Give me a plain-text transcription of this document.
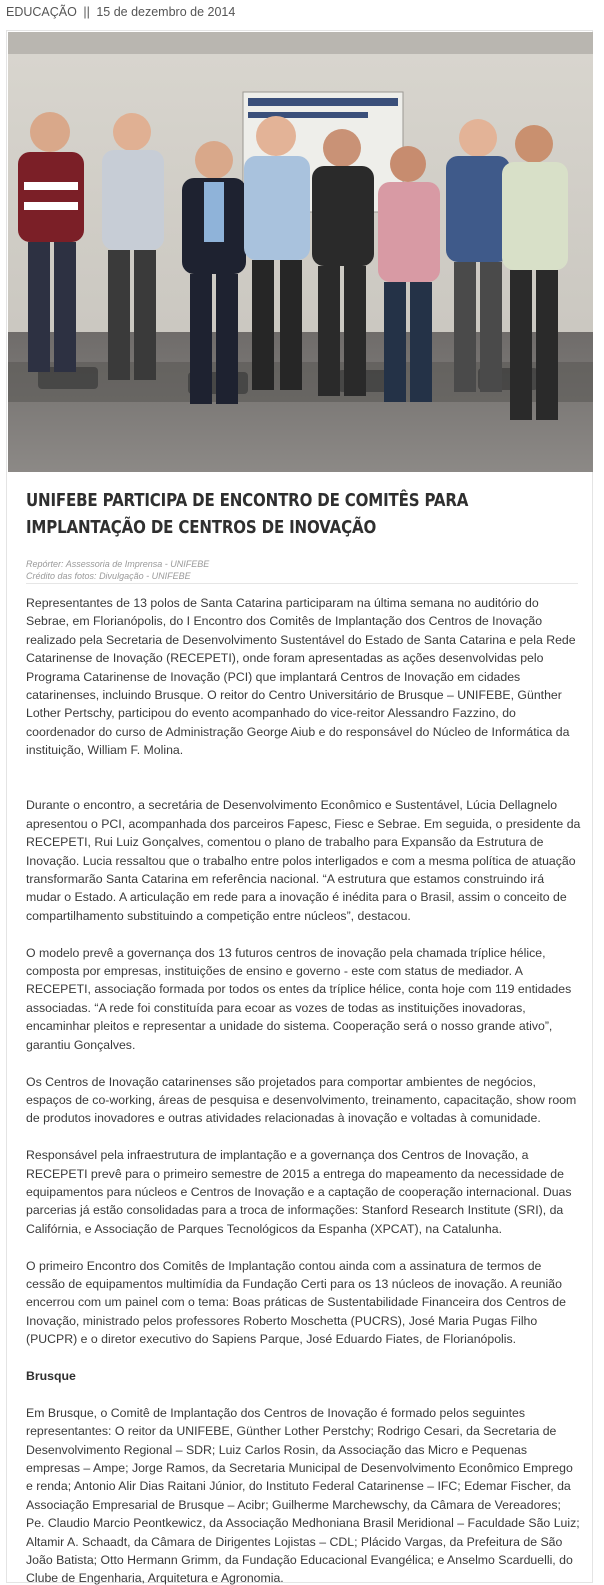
EDUCAÇÃO || 15 de dezembro de 2014
UNIFEBE PARTICIPA DE ENCONTRO DE COMITÊS PARA IMPLANTAÇÃO DE CENTROS DE INOVAÇÃO
Repórter: Assessoria de Imprensa - UNIFEBE
Crédito das fotos: Divulgação - UNIFEBE

Representantes de 13 polos de Santa Catarina participaram na última semana no auditório do Sebrae, em Florianópolis, do I Encontro dos Comitês de Implantação dos Centros de Inovação realizado pela Secretaria de Desenvolvimento Sustentável do Estado de Santa Catarina e pela Rede Catarinense de Inovação (RECEPETI), onde foram apresentadas as ações desenvolvidas pelo Programa Catarinense de Inovação (PCI) que implantará Centros de Inovação em cidades catarinenses, incluindo Brusque. O reitor do Centro Universitário de Brusque – UNIFEBE, Günther Lother Pertschy, participou do evento acompanhado do vice-reitor Alessandro Fazzino, do coordenador do curso de Administração George Aiub e do responsável do Núcleo de Informática da instituição, William F. Molina.

Durante o encontro, a secretária de Desenvolvimento Econômico e Sustentável, Lúcia Dellagnelo apresentou o PCI, acompanhada dos parceiros Fapesc, Fiesc e Sebrae. Em seguida, o presidente da RECEPETI, Rui Luiz Gonçalves, comentou o plano de trabalho para Expansão da Estrutura de Inovação. Lucia ressaltou que o trabalho entre polos interligados e com a mesma política de atuação transformarão Santa Catarina em referência nacional. “A estrutura que estamos construindo irá mudar o Estado. A articulação em rede para a inovação é inédita para o Brasil, assim o conceito de compartilhamento substituindo a competição entre núcleos”, destacou.

O modelo prevê a governança dos 13 futuros centros de inovação pela chamada tríplice hélice, composta por empresas, instituições de ensino e governo - este com status de mediador. A RECEPETI, associação formada por todos os entes da tríplice hélice, conta hoje com 119 entidades associadas. “A rede foi constituída para ecoar as vozes de todas as instituições inovadoras, encaminhar pleitos e representar a unidade do sistema. Cooperação será o nosso grande ativo”, garantiu Gonçalves.

Os Centros de Inovação catarinenses são projetados para comportar ambientes de negócios, espaços de co-working, áreas de pesquisa e desenvolvimento, treinamento, capacitação, show room de produtos inovadores e outras atividades relacionadas à inovação e voltadas à comunidade.

Responsável pela infraestrutura de implantação e a governança dos Centros de Inovação, a RECEPETI prevê para o primeiro semestre de 2015 a entrega do mapeamento da necessidade de equipamentos para núcleos e Centros de Inovação e a captação de cooperação internacional. Duas parcerias já estão consolidadas para a troca de informações: Stanford Research Institute (SRI), da Califórnia, e Associação de Parques Tecnológicos da Espanha (XPCAT), na Catalunha.

O primeiro Encontro dos Comitês de Implantação contou ainda com a assinatura de termos de cessão de equipamentos multimídia da Fundação Certi para os 13 núcleos de inovação. A reunião encerrou com um painel com o tema: Boas práticas de Sustentabilidade Financeira dos Centros de Inovação, ministrado pelos professores Roberto Moschetta (PUCRS), José Maria Pugas Filho (PUCPR) e o diretor executivo do Sapiens Parque, José Eduardo Fiates, de Florianópolis.

Brusque

Em Brusque, o Comitê de Implantação dos Centros de Inovação é formado pelos seguintes representantes: O reitor da UNIFEBE, Günther Lother Perstchy; Rodrigo Cesari, da Secretaria de Desenvolvimento Regional – SDR; Luiz Carlos Rosin, da Associação das Micro e Pequenas empresas – Ampe; Jorge Ramos, da Secretaria Municipal de Desenvolvimento Econômico Emprego e renda; Antonio Alir Dias Raitani Júnior, do Instituto Federal Catarinense – IFC; Edemar Fischer, da Associação Empresarial de Brusque – Acibr; Guilherme Marchewschy, da Câmara de Vereadores; Pe. Claudio Marcio Peontkewicz, da Associação Medhoniana Brasil Meridional – Faculdade São Luiz; Altamir A. Schaadt, da Câmara de Dirigentes Lojistas – CDL; Plácido Vargas, da Prefeitura de São João Batista; Otto Hermann Grimm, da Fundação Educacional Evangélica; e Anselmo Scarduelli, do Clube de Engenharia, Arquitetura e Agronomia.
